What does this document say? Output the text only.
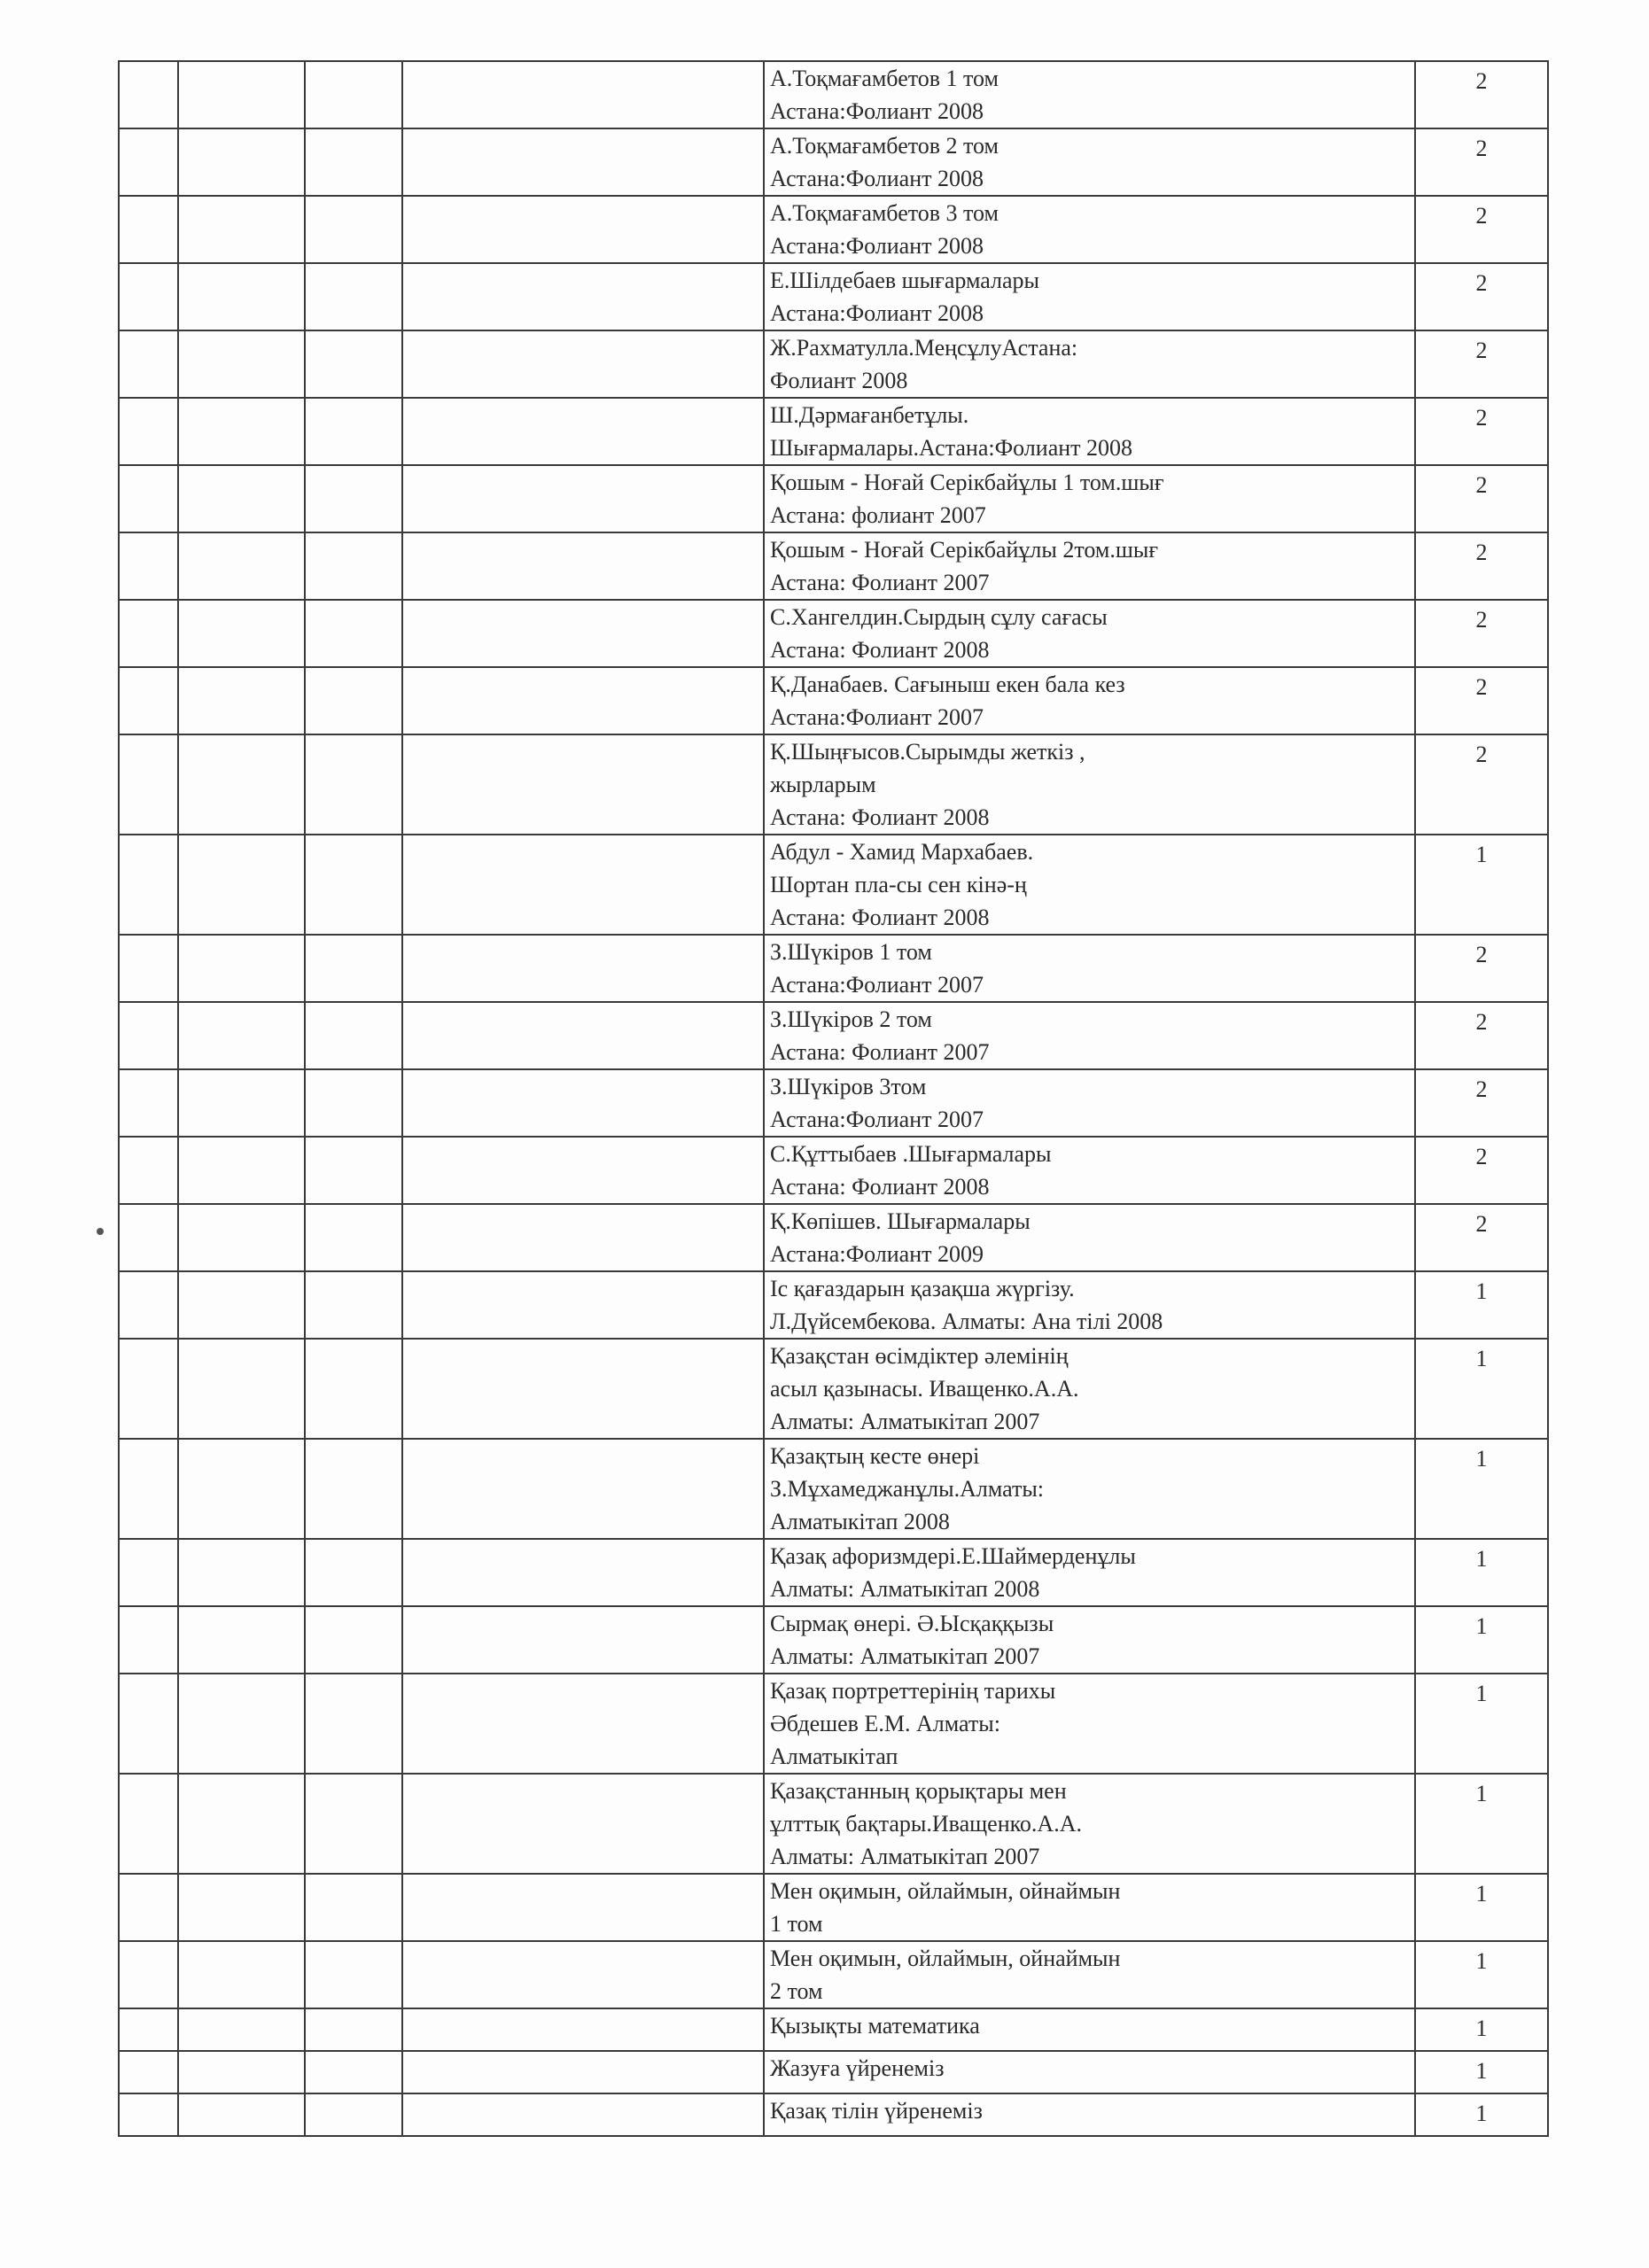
				А.Тоқмағамбетов 1 том
Астана:Фолиант 2008	2

				А.Тоқмағамбетов 2 том
Астана:Фолиант 2008	2

				А.Тоқмағамбетов 3 том
Астана:Фолиант 2008	2

				Е.Шілдебаев шығармалары
Астана:Фолиант 2008	2

				Ж.Рахматулла.МеңсұлуАстана:
Фолиант 2008	2

				Ш.Дәрмағанбетұлы.
Шығармалары.Астана:Фолиант 2008	2

				Қошым - Ноғай Серікбайұлы 1 том.шығ
Астана: фолиант 2007	2

				Қошым - Ноғай Серікбайұлы 2том.шығ
Астана: Фолиант 2007	2

				С.Хангелдин.Сырдың сұлу сағасы
Астана: Фолиант 2008	2

				Қ.Данабаев. Сағыныш екен бала кез
Астана:Фолиант 2007	2

				Қ.Шыңғысов.Сырымды жеткіз ,
жырларым
Астана: Фолиант 2008	2

				Абдул - Хамид Мархабаев.
Шортан пла-сы сен кінә-ң
Астана: Фолиант 2008	1

				З.Шүкіров 1 том
Астана:Фолиант 2007	2

				З.Шүкіров 2 том
Астана: Фолиант 2007	2

				З.Шүкіров 3том
Астана:Фолиант 2007	2

				С.Құттыбаев .Шығармалары
Астана: Фолиант 2008	2

				Қ.Көпішев. Шығармалары
Астана:Фолиант 2009	2

				Іс қағаздарын қазақша жүргізу.
Л.Дүйсембекова. Алматы: Ана тілі 2008	1

				Қазақстан өсімдіктер әлемінің
асыл қазынасы. Иващенко.А.А.
Алматы: Алматыкітап 2007	1

				Қазақтың кесте өнері
З.Мұхамеджанұлы.Алматы:
Алматыкітап 2008	1

				Қазақ афоризмдері.Е.Шаймерденұлы
Алматы: Алматыкітап 2008	1

				Сырмақ өнері. Ә.Ысқаққызы
Алматы: Алматыкітап 2007	1

				Қазақ портреттерінің тарихы
Әбдешев Е.М. Алматы:
Алматыкітап	1

				Қазақстанның қорықтары мен
ұлттық бақтары.Иващенко.А.А.
Алматы: Алматыкітап 2007	1

				Мен оқимын, ойлаймын, ойнаймын
1 том	1

				Мен оқимын, ойлаймын, ойнаймын
2 том	1

				Қызықты математика	1

				Жазуға үйренеміз	1

				Қазақ тілін үйренеміз	1
